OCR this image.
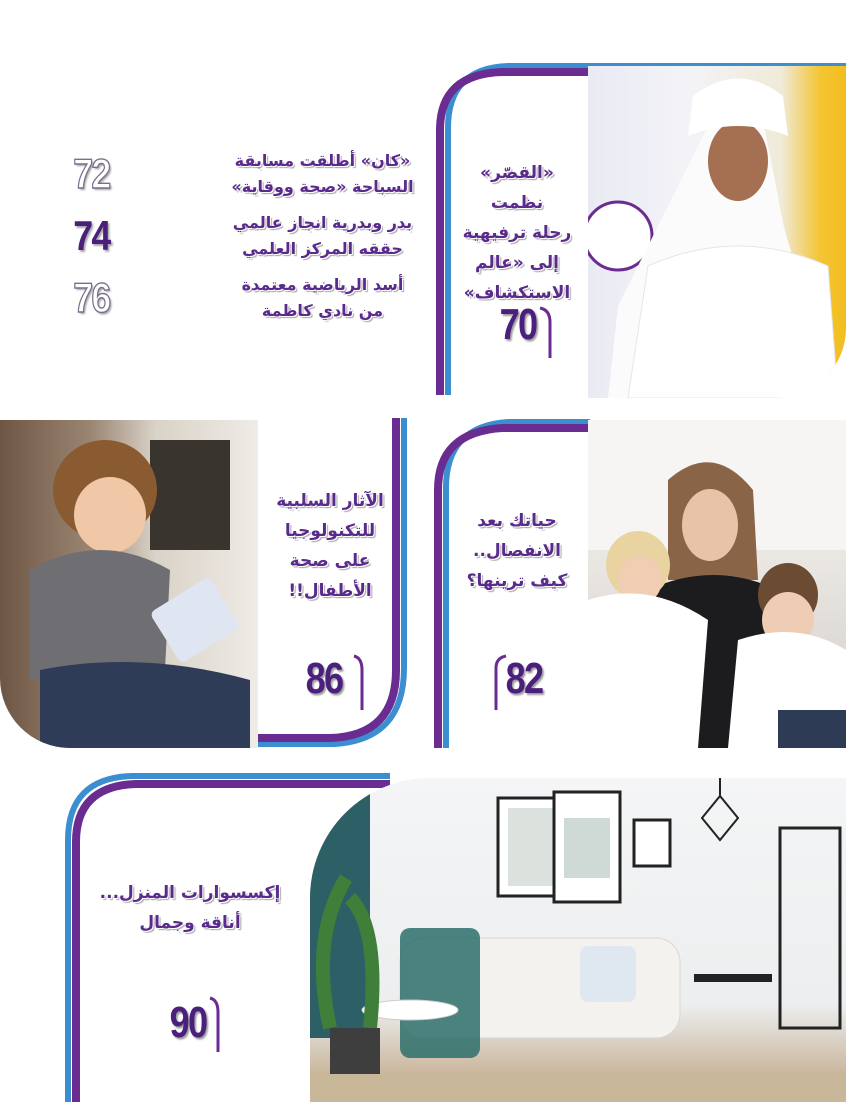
«القصّر» نظمت
رحلة ترفيهية
إلى «عالم
الاستكشاف»
70
72	«كان» أطلقت مسابقة السباحة «صحة ووقاية»
74	بدر وبدرية انجاز عالمي حققه المركز العلمي
76	أسد الرياضية معتمدة من نادي كاظمة
حياتك بعد
الانفصال..
كيف ترينها؟
82
الآثار السلبية
للتكنولوجيا
على صحة
الأطفال!!
86
إكسسوارات المنزل...
أناقة وجمال
90
